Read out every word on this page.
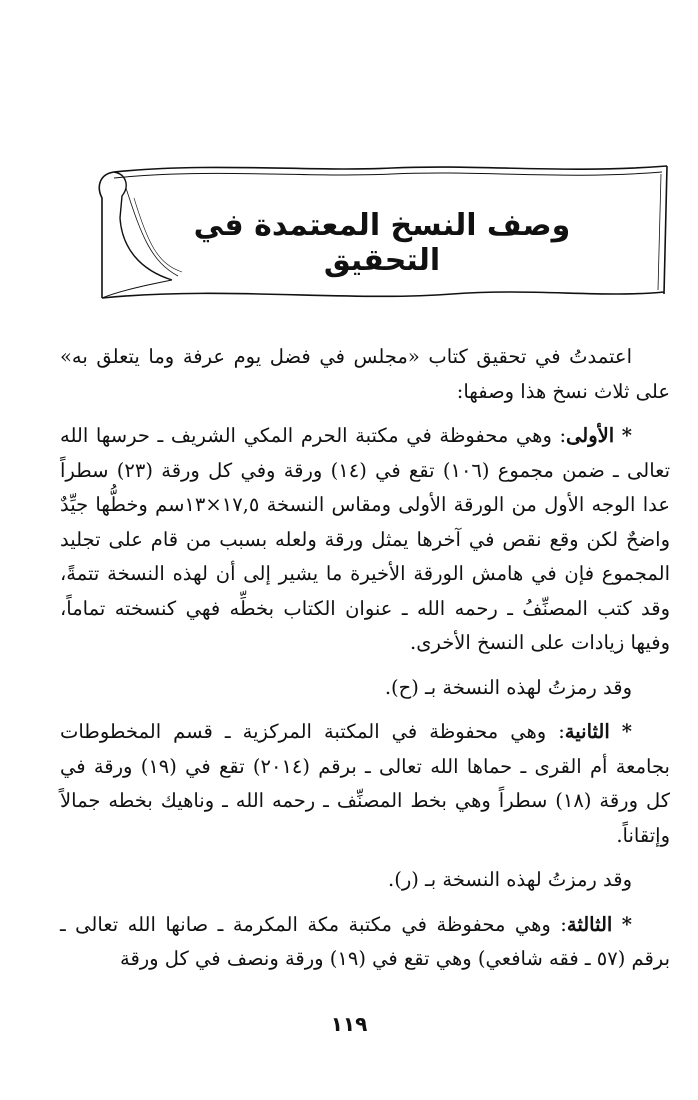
وصف النسخ المعتمدة في التحقيق

اعتمدتُ في تحقيق كتاب «مجلس في فضل يوم عرفة وما يتعلق به» على ثلاث نسخ هذا وصفها:

* الأولى: وهي محفوظة في مكتبة الحرم المكي الشريف ـ حرسها الله تعالى ـ ضمن مجموع (١٠٦) تقع في (١٤) ورقة وفي كل ورقة (٢٣) سطراً عدا الوجه الأول من الورقة الأولى ومقاس النسخة ١٧,٥×١٣سم وخطُّها جيِّدٌ واضحٌ لكن وقع نقص في آخرها يمثل ورقة ولعله بسبب من قام على تجليد المجموع فإن في هامش الورقة الأخيرة ما يشير إلى أن لهذه النسخة تتمةً، وقد كتب المصنِّفُ ـ رحمه الله ـ عنوان الكتاب بخطِّه فهي كنسخته تماماً، وفيها زيادات على النسخ الأخرى.

وقد رمزتُ لهذه النسخة بـ (ح).

* الثانية: وهي محفوظة في المكتبة المركزية ـ قسم المخطوطات بجامعة أم القرى ـ حماها الله تعالى ـ برقم (٢٠١٤) تقع في (١٩) ورقة في كل ورقة (١٨) سطراً وهي بخط المصنِّف ـ رحمه الله ـ وناهيك بخطه جمالاً وإتقاناً.

وقد رمزتُ لهذه النسخة بـ (ر).

* الثالثة: وهي محفوظة في مكتبة مكة المكرمة ـ صانها الله تعالى ـ برقم (٥٧ ـ فقه شافعي) وهي تقع في (١٩) ورقة ونصف في كل ورقة

١١٩
